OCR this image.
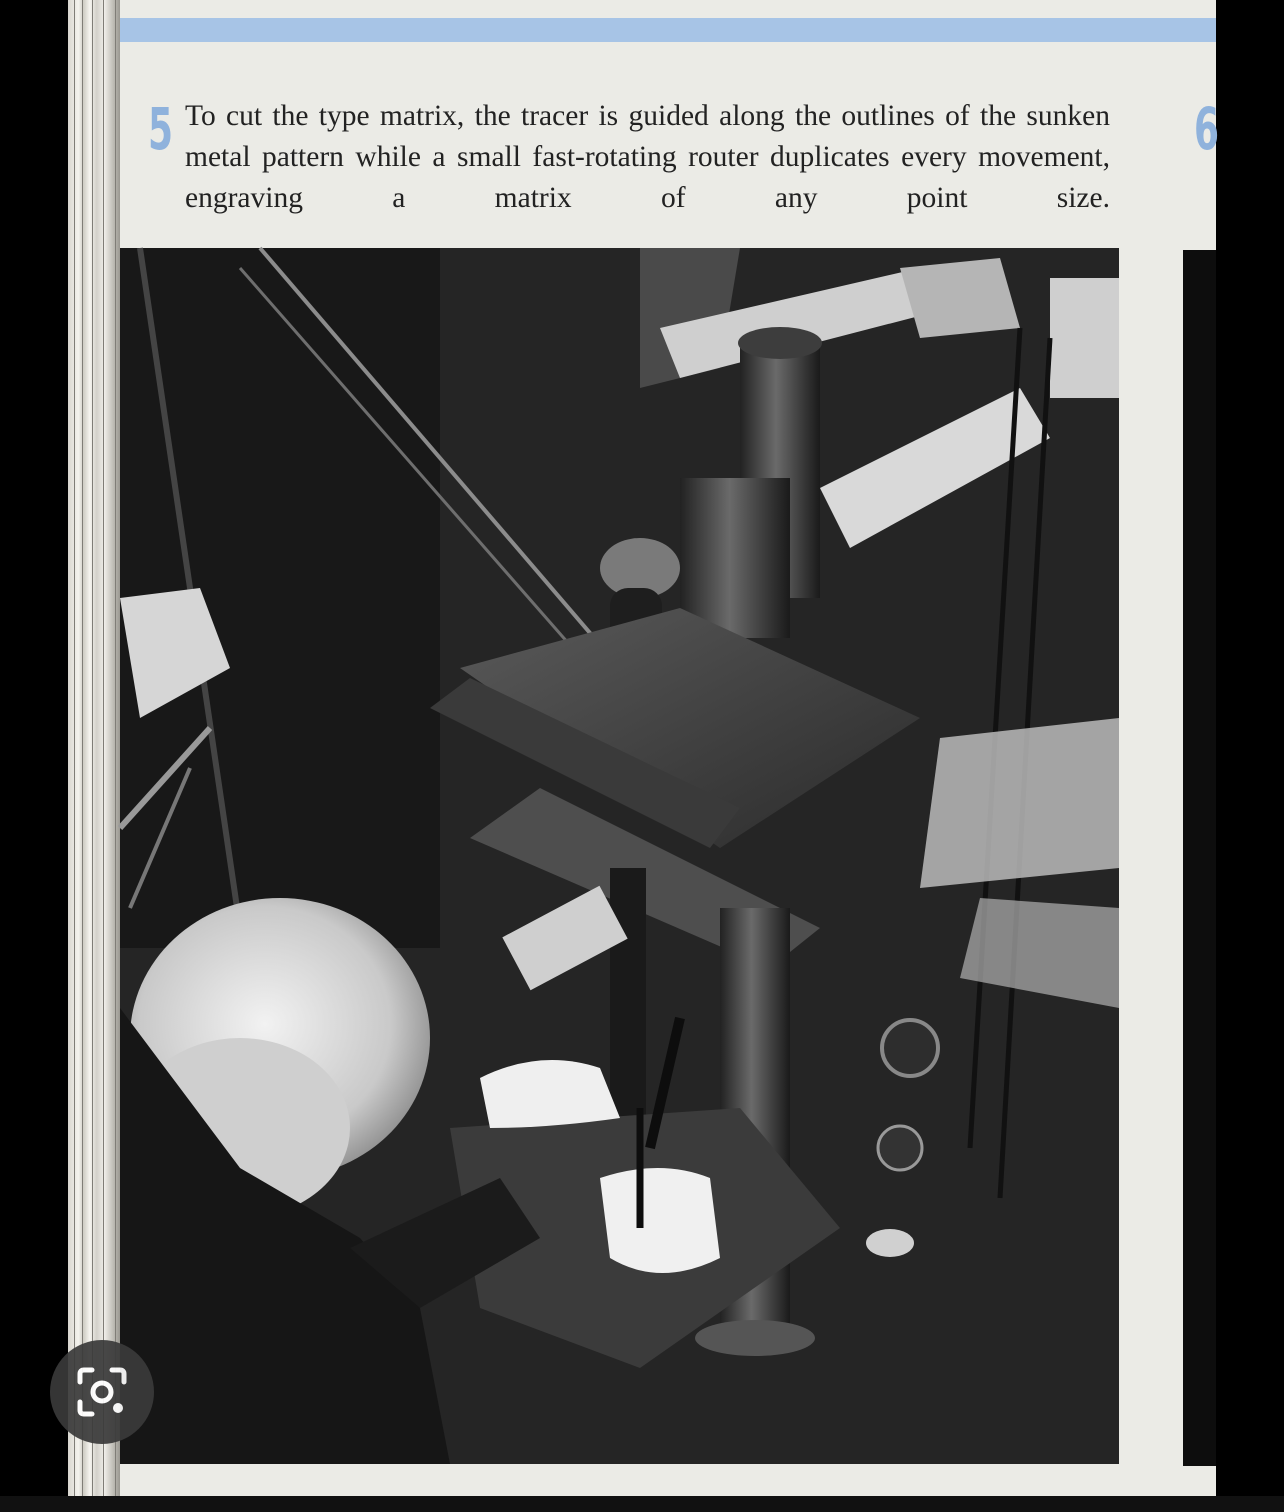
5	6

To cut the type matrix, the tracer is guided along the outlines of the sunken metal pattern while a small fast-rotating router duplicates every movement, engraving a matrix of any point size.
